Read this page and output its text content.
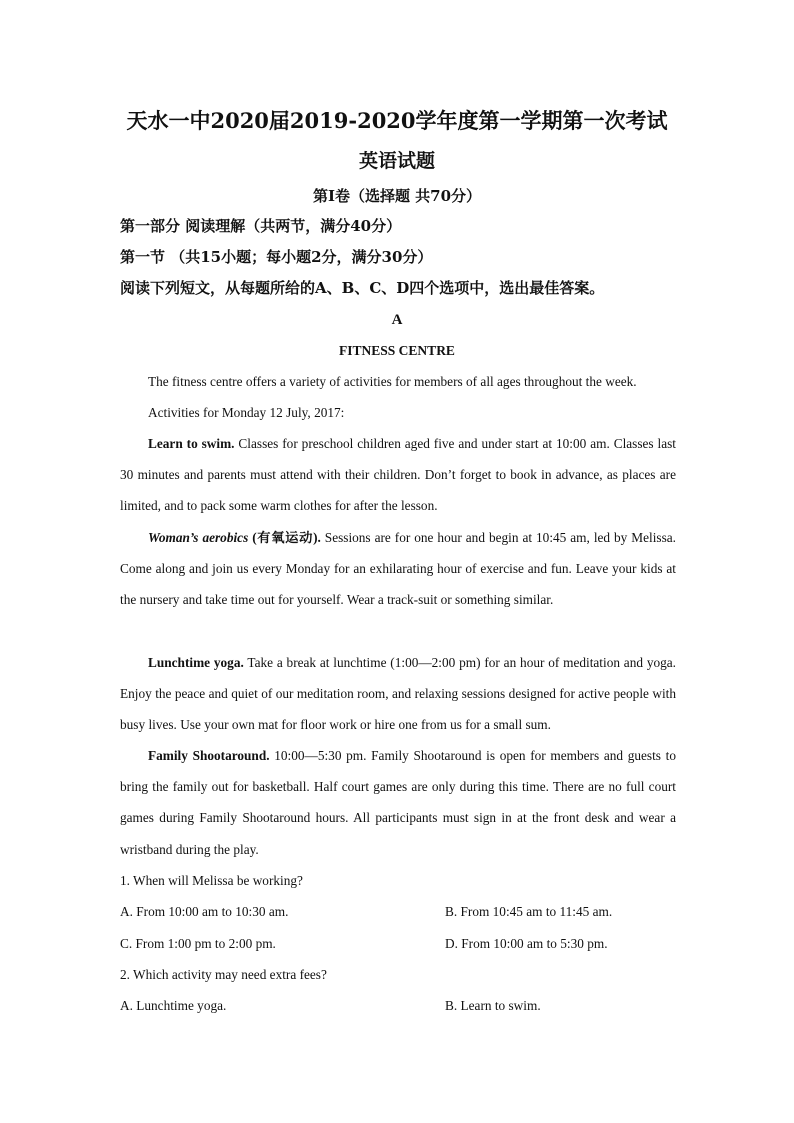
天水一中2020届2019-2020学年度第一学期第一次考试
英语试题
第I卷（选择题 共70分）
第一部分 阅读理解（共两节，满分40分）
第一节 （共15小题；每小题2分，满分30分）
阅读下列短文，从每题所给的A、B、C、D四个选项中，选出最佳答案。
A
FITNESS CENTRE

The fitness centre offers a variety of activities for members of all ages throughout the week.

Activities for Monday 12 July, 2017:

Learn to swim. Classes for preschool children aged five and under start at 10:00 am. Classes last 30 minutes and parents must attend with their children. Don’t forget to book in advance, as places are limited, and to pack some warm clothes for after the lesson.

Woman’s aerobics (有氧运动). Sessions are for one hour and begin at 10:45 am, led by Melissa. Come along and join us every Monday for an exhilarating hour of exercise and fun. Leave your kids at the nursery and take time out for yourself. Wear a track-suit or something similar.

Lunchtime yoga. Take a break at lunchtime (1:00—2:00 pm) for an hour of meditation and yoga. Enjoy the peace and quiet of our meditation room, and relaxing sessions designed for active people with busy lives. Use your own mat for floor work or hire one from us for a small sum.

Family Shootaround. 10:00—5:30 pm. Family Shootaround is open for members and guests to bring the family out for basketball. Half court games are only during this time. There are no full court games during Family Shootaround hours. All participants must sign in at the front desk and wear a wristband during the play.

1. When will Melissa be working?
A. From 10:00 am to 10:30 am.	B. From 10:45 am to 11:45 am.
C. From 1:00 pm to 2:00 pm.	D. From 10:00 am to 5:30 pm.
2. Which activity may need extra fees?
A. Lunchtime yoga.	B. Learn to swim.
